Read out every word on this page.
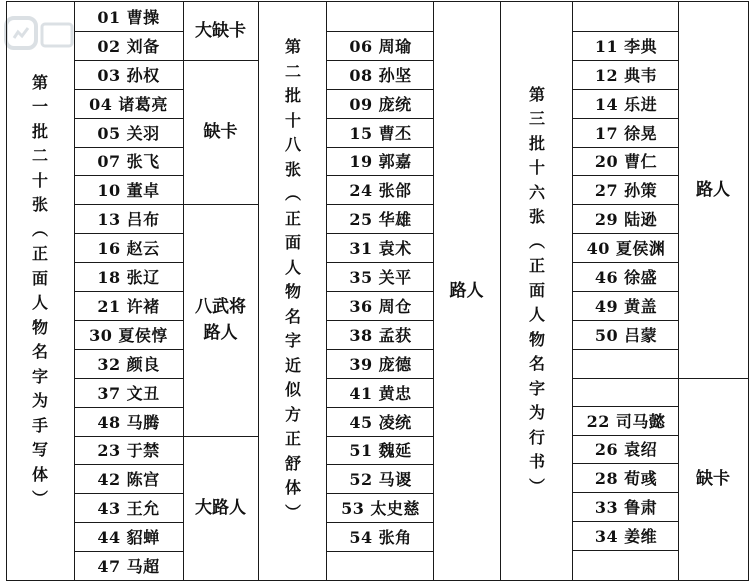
第
一
批
二
十
张
︵
正
面
人
物
名
字
为
手
写
体
︶
01 曹操
02 刘备
03 孙权
04 诸葛亮
05 关羽
07 张飞
10 董卓
13 吕布
16 赵云
18 张辽
21 许褚
30 夏侯惇
32 颜良
37 文丑
48 马腾
23 于禁
42 陈宫
43 王允
44 貂蝉
47 马超
大缺卡
缺卡
八武将
路人
大路人
第
二
批
十
八
张
︵
正
面
人
物
名
字
近
似
方
正
舒
体
︶
06 周瑜
08 孙坚
09 庞统
15 曹丕
19 郭嘉
24 张郃
25 华雄
31 袁术
35 关平
36 周仓
38 孟获
39 庞德
41 黄忠
45 凌统
51 魏延
52 马谡
53 太史慈
54 张角
路人
第
三
批
十
六
张
︵
正
面
人
物
名
字
为
行
书
︶
11 李典
12 典韦
14 乐进
17 徐晃
20 曹仁
27 孙策
29 陆逊
40 夏侯渊
46 徐盛
49 黄盖
50 吕蒙
22 司马懿
26 袁绍
28 荀彧
33 鲁肃
34 姜维
路人
缺卡
